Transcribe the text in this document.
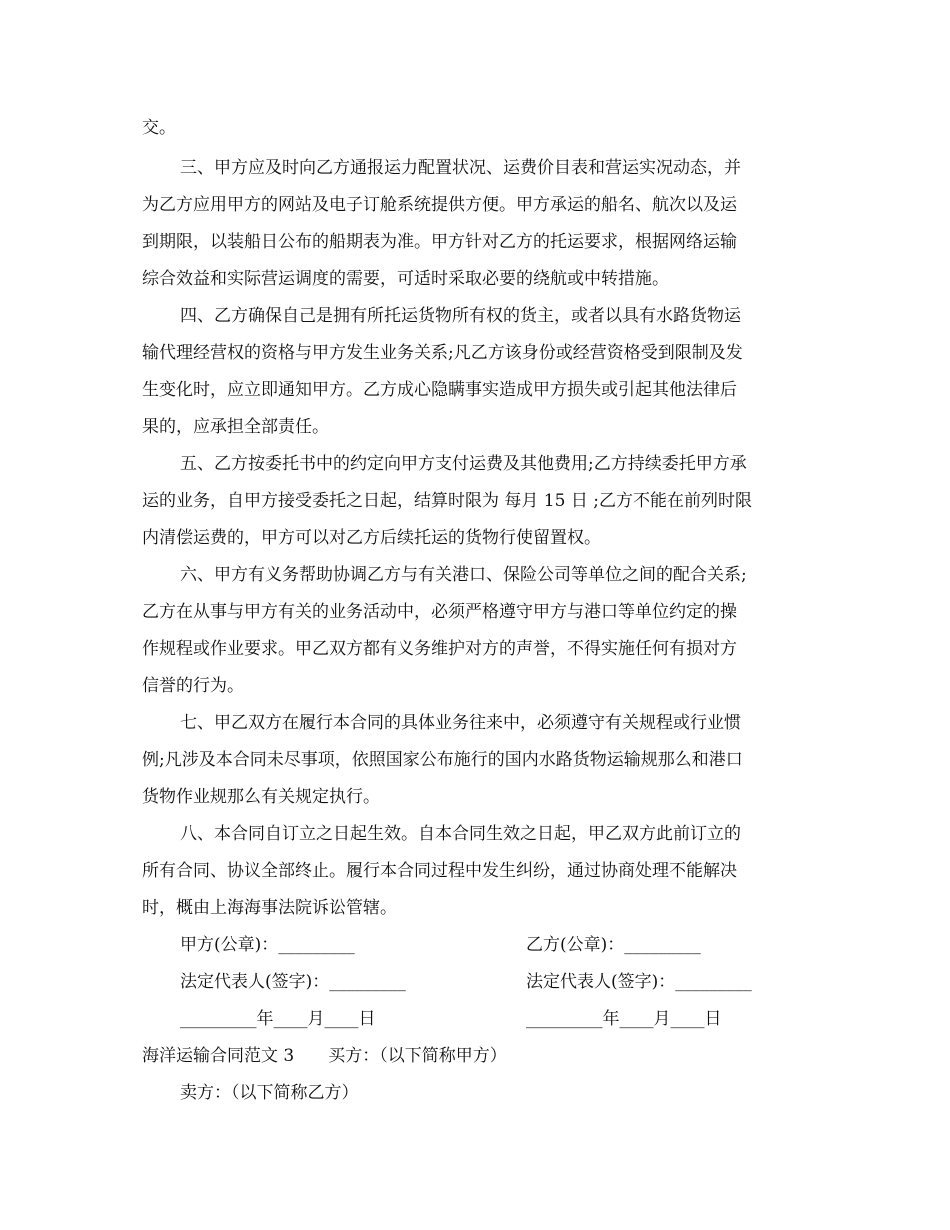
交。
三、甲方应及时向乙方通报运力配置状况、运费价目表和营运实况动态，并
为乙方应用甲方的网站及电子订舱系统提供方便。甲方承运的船名、航次以及运
到期限，以装船日公布的船期表为准。甲方针对乙方的托运要求，根据网络运输
综合效益和实际营运调度的需要，可适时采取必要的绕航或中转措施。
四、乙方确保自己是拥有所托运货物所有权的货主，或者以具有水路货物运
输代理经营权的资格与甲方发生业务关系;凡乙方该身份或经营资格受到限制及发
生变化时，应立即通知甲方。乙方成心隐瞒事实造成甲方损失或引起其他法律后
果的，应承担全部责任。
五、乙方按委托书中的约定向甲方支付运费及其他费用;乙方持续委托甲方承
运的业务，自甲方接受委托之日起，结算时限为 每月 15 日 ;乙方不能在前列时限
内清偿运费的，甲方可以对乙方后续托运的货物行使留置权。
六、甲方有义务帮助协调乙方与有关港口、保险公司等单位之间的配合关系;
乙方在从事与甲方有关的业务活动中，必须严格遵守甲方与港口等单位约定的操
作规程或作业要求。甲乙双方都有义务维护对方的声誉，不得实施任何有损对方
信誉的行为。
七、甲乙双方在履行本合同的具体业务往来中，必须遵守有关规程或行业惯
例;凡涉及本合同未尽事项，依照国家公布施行的国内水路货物运输规那么和港口
货物作业规那么有关规定执行。
八、本合同自订立之日起生效。自本合同生效之日起，甲乙双方此前订立的
所有合同、协议全部终止。履行本合同过程中发生纠纷，通过协商处理不能解决
时，概由上海海事法院诉讼管辖。
甲方(公章)：_________	乙方(公章)：_________
法定代表人(签字)：_________	法定代表人(签字)：_________
_________年____月____日	_________年____月____日
海洋运输合同范文 3　　买方：（以下简称甲方）
卖方：（以下简称乙方）
